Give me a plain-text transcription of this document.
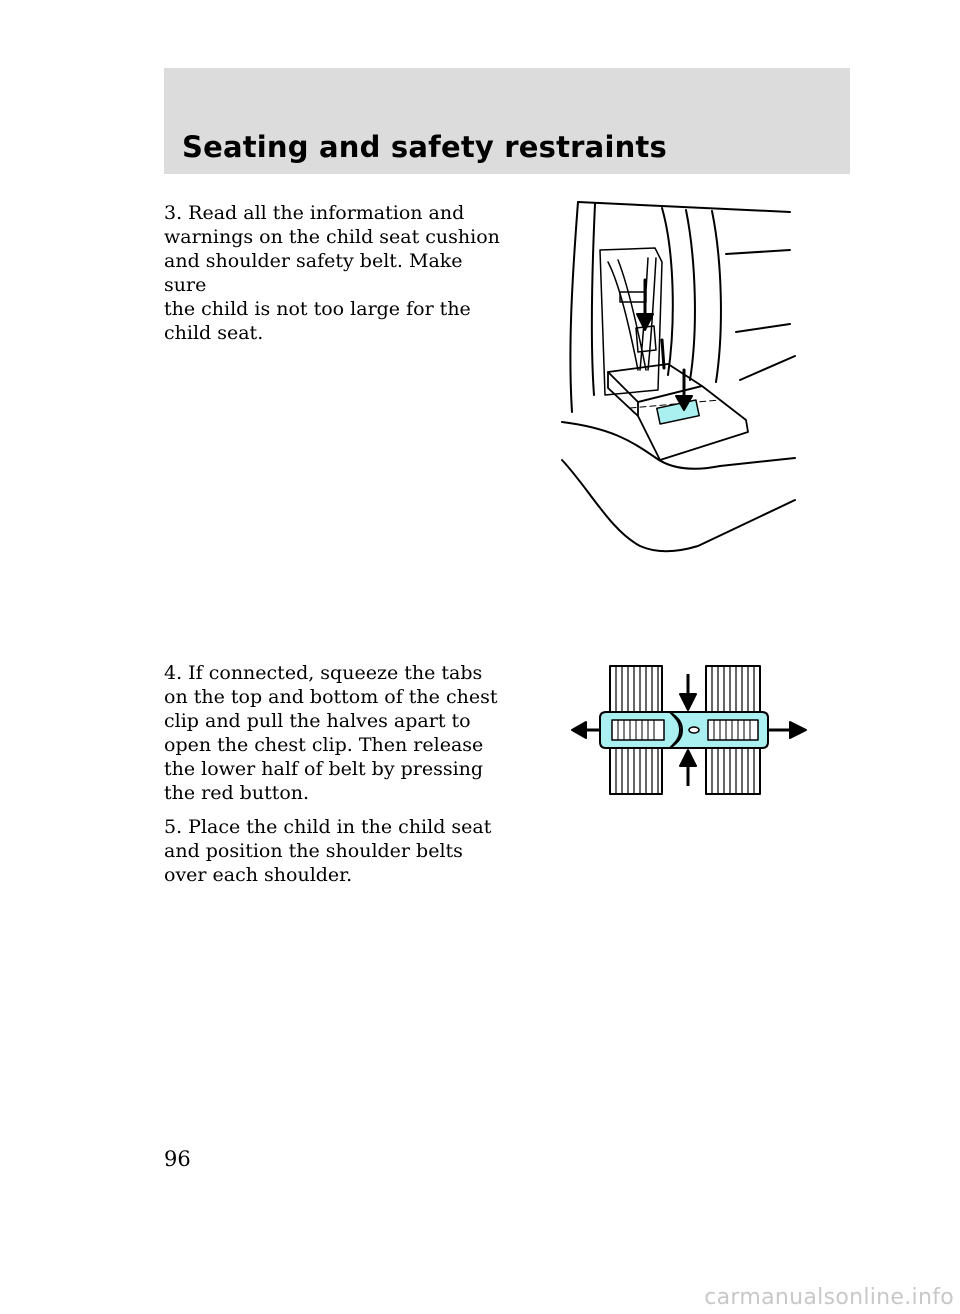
Seating and safety restraints

3. Read all the information and
warnings on the child seat cushion
and shoulder safety belt. Make sure
the child is not too large for the
child seat.

4. If connected, squeeze the tabs
on the top and bottom of the chest
clip and pull the halves apart to
open the chest clip. Then release
the lower half of belt by pressing
the red button.

5. Place the child in the child seat
and position the shoulder belts
over each shoulder.

96

carmanualsonline.info
